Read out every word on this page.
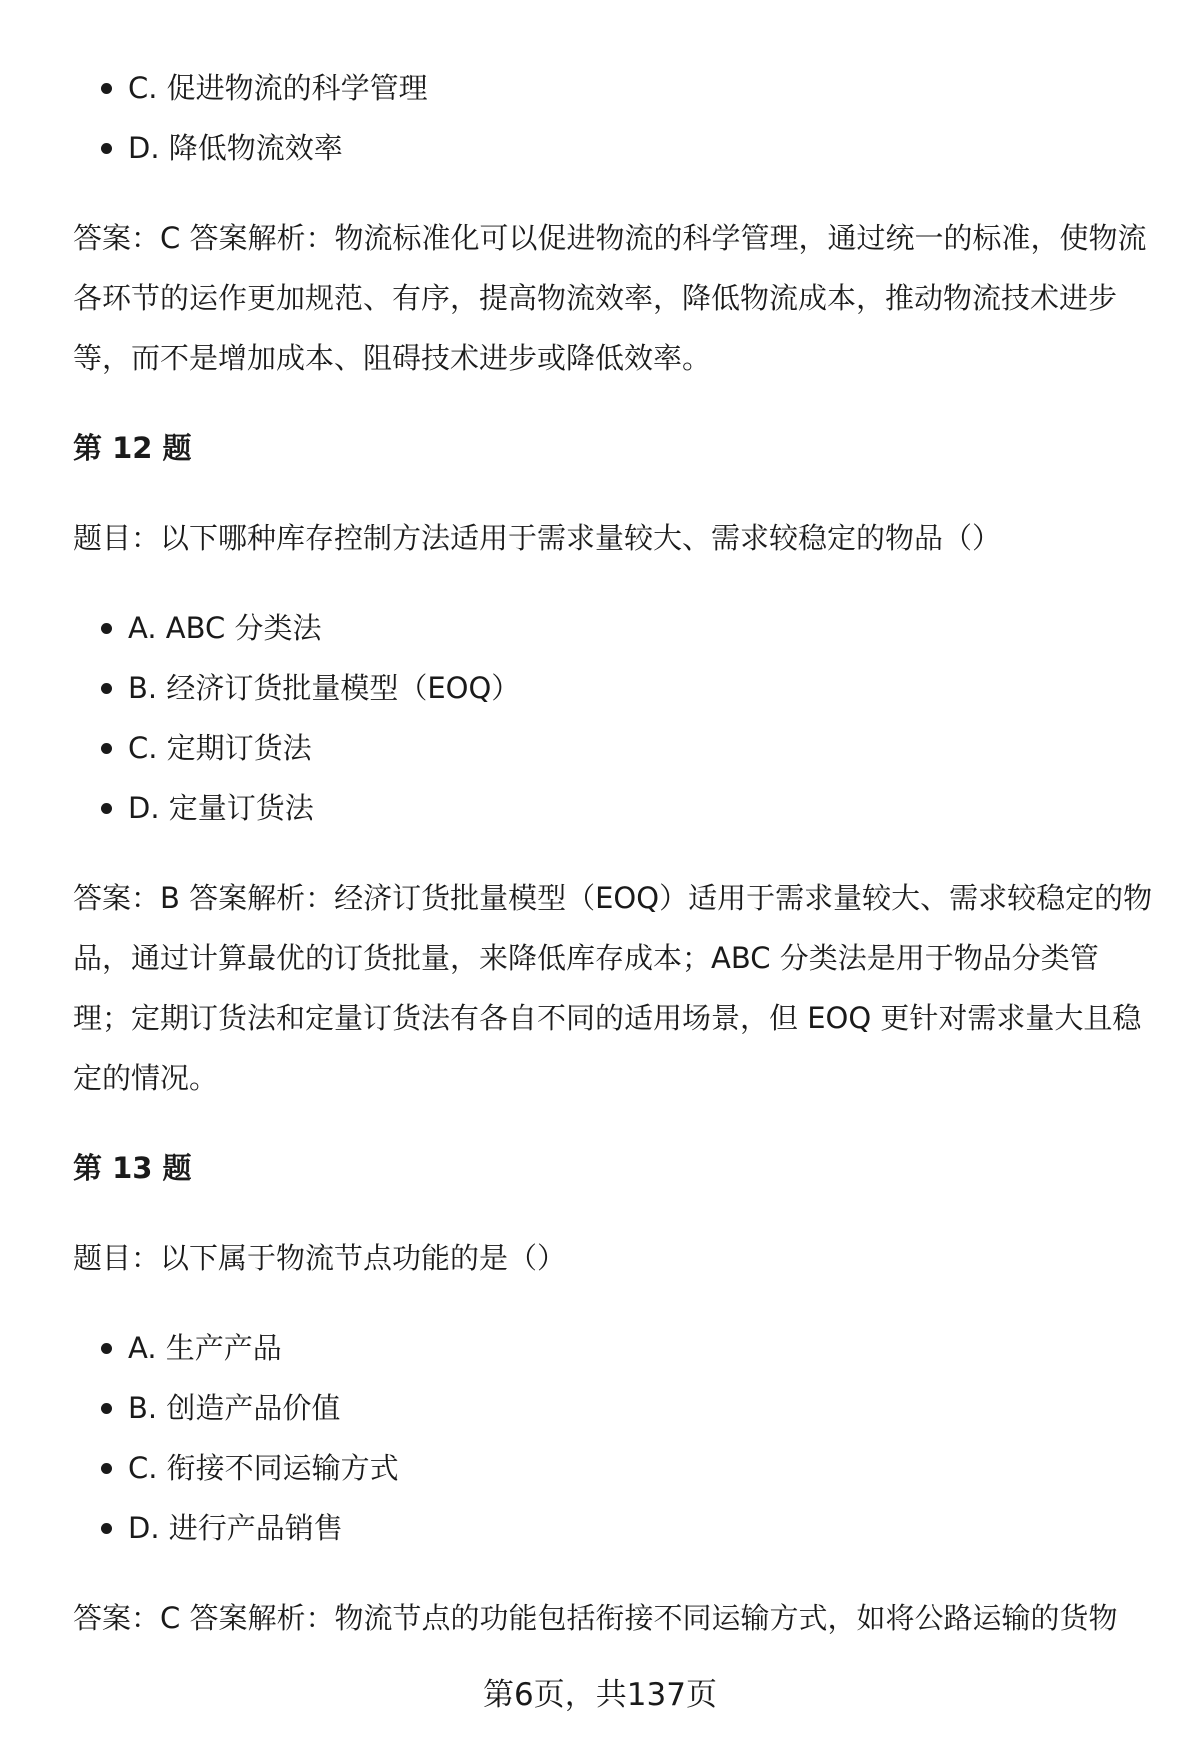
C. 促进物流的科学管理
D. 降低物流效率

答案：C 答案解析：物流标准化可以促进物流的科学管理，通过统一的标准，使物流各环节的运作更加规范、有序，提高物流效率，降低物流成本，推动物流技术进步等，而不是增加成本、阻碍技术进步或降低效率。

第 12 题

题目：以下哪种库存控制方法适用于需求量较大、需求较稳定的物品（）

A. ABC 分类法
B. 经济订货批量模型（EOQ）
C. 定期订货法
D. 定量订货法

答案：B 答案解析：经济订货批量模型（EOQ）适用于需求量较大、需求较稳定的物品，通过计算最优的订货批量，来降低库存成本；ABC 分类法是用于物品分类管理；定期订货法和定量订货法有各自不同的适用场景，但 EOQ 更针对需求量大且稳定的情况。

第 13 题

题目：以下属于物流节点功能的是（）

A. 生产产品
B. 创造产品价值
C. 衔接不同运输方式
D. 进行产品销售

答案：C 答案解析：物流节点的功能包括衔接不同运输方式，如将公路运输的货物

第6页，共137页
